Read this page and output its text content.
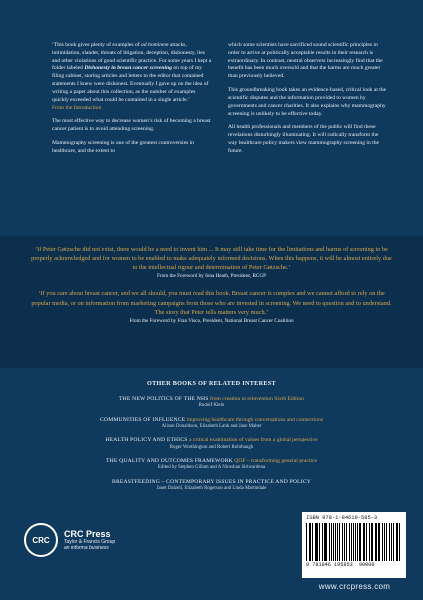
‘This book gives plenty of examples of ad hominem attacks, intimidation, slander, threats of litigation, deception, dishonesty, lies and other violations of good scientific practice. For some years I kept a folder labeled Dishonesty in breast cancer screening on top of my filing cabinet, storing articles and letters to the editor that contained statements I knew were dishonest. Eventually I gave up on the idea of writing a paper about this collection, as the number of examples quickly exceeded what could be contained in a single article.’
From the Introduction

The most effective way to decrease women’s risk of becoming a breast cancer patient is to avoid attending screening.

Mammography screening is one of the greatest controversies in healthcare, and the extent to

which some scientists have sacrificed sound scientific principles in order to arrive at politically acceptable results in their research is extraordinary. In contrast, neutral observers increasingly find that the benefit has been much oversold and that the harms are much greater than previously believed.

This groundbreaking book takes an evidence-based, critical look at the scientific disputes and the information provided to women by governments and cancer charities. It also explains why mammography screening is unlikely to be effective today.

All health professionals and members of the public will find these revelations disturbingly illuminating. It will radically transform the way healthcare policy makers view mammography screening in the future.

‘If Peter Gøtzsche did not exist, there would be a need to invent him ... It may still take time for the limitations and harms of screening to be properly acknowledged and for women to be enabled to make adequately informed decisions. When this happens, it will be almost entirely due to the intellectual rigour and determination of Peter Gøtzsche.’
From the Foreword by Iona Heath, President, RCGP
‘If you care about breast cancer, and we all should, you must read this book. Breast cancer is complex and we cannot afford to rely on the popular media, or on information from marketing campaigns from those who are invested in screening. We need to question and to understand. The story that Peter tells matters very much.’
From the Foreword by Fran Visco, President, National Breast Cancer Coalition
OTHER BOOKS OF RELATED INTEREST
THE NEW POLITICS OF THE NHS from creation to reinvention Sixth Edition
Rudolf Klein
COMMUNITIES OF INFLUENCE improving healthcare through conversations and connections
Alison Donaldson, Elizabeth Lank and Jane Maher
HEALTH POLICY AND ETHICS a critical examination of values from a global perspective
Roger Worthington and Robert Rohrbaugh
THE QUALITY AND OUTCOMES FRAMEWORK QOF – transforming general practice
Edited by Stephen Gillam and A Niroshan Siriwardena
BREASTFEEDING – CONTEMPORARY ISSUES IN PRACTICE AND POLICY
Janet Dalzell, Elizabeth Rogerson and Linda Martindale
CRC
CRC Press
Taylor & Francis Group
an informa business
ISBN 978-1-84619-585-3
9 781846 195853 90000
www.crcpress.com
